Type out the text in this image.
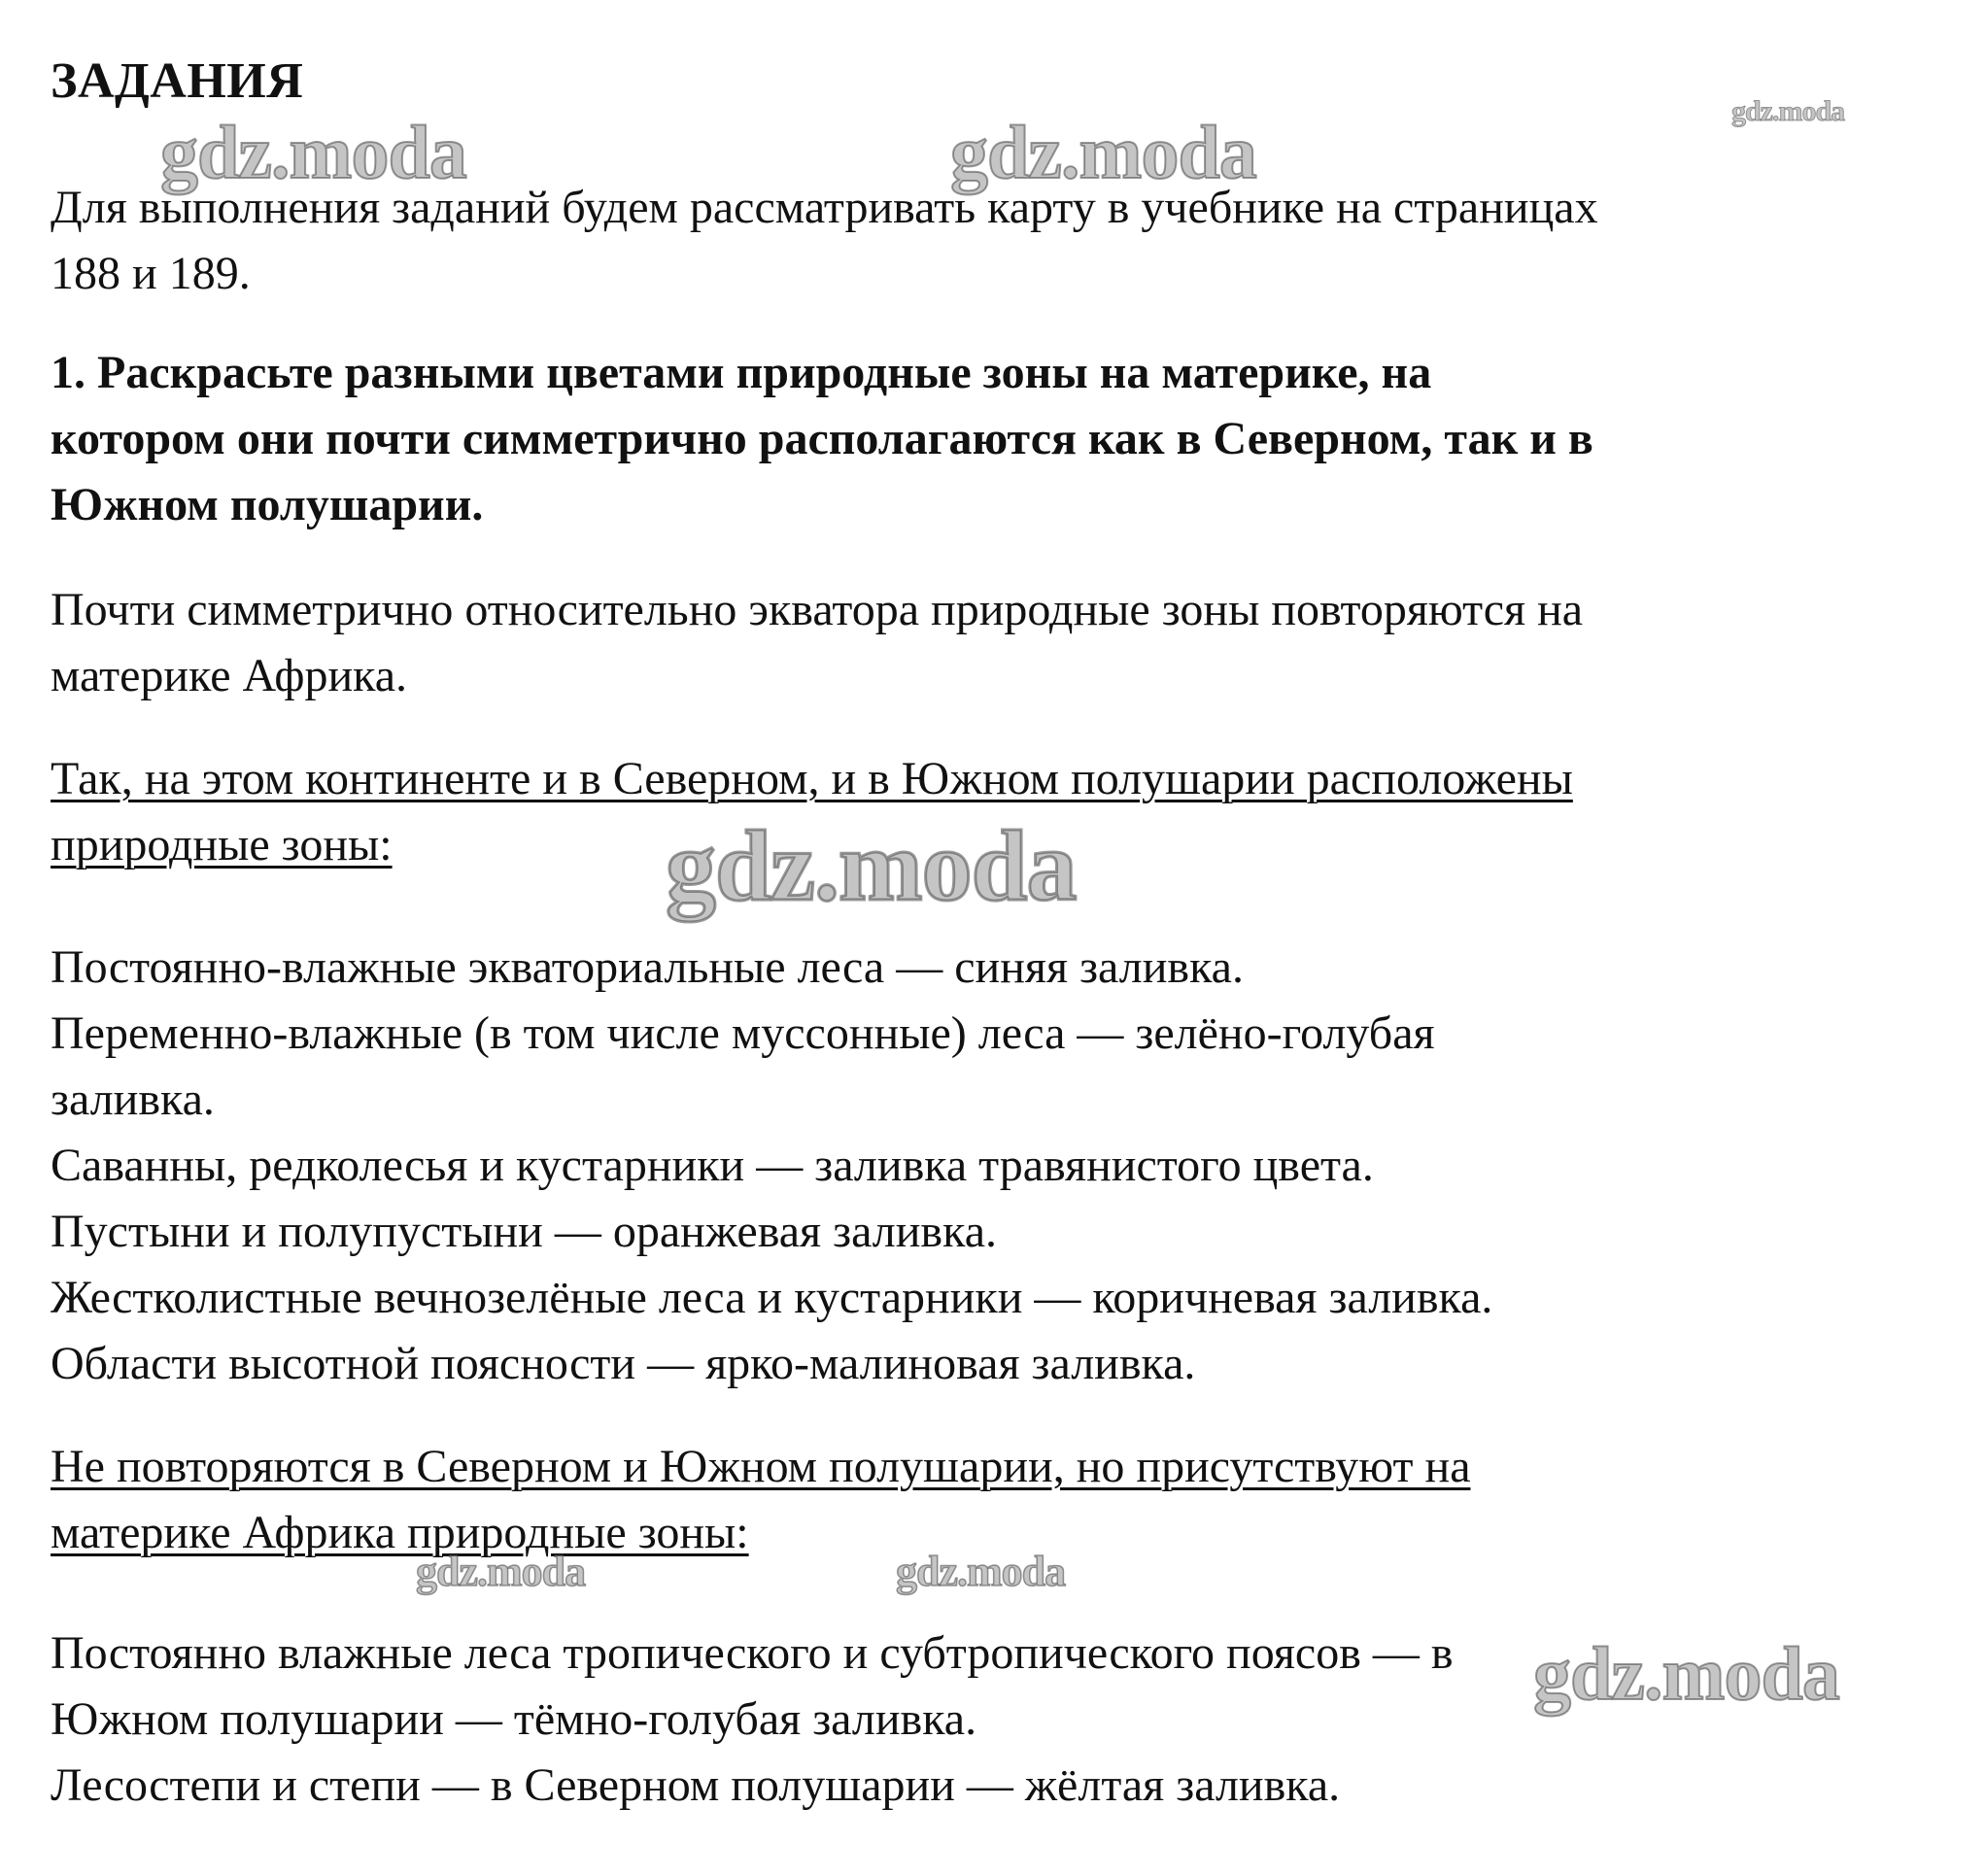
ЗАДАНИЯ

Для выполнения заданий будем рассматривать карту в учебнике на страницах
188 и 189.

1. Раскрасьте разными цветами природные зоны на материке, на
котором они почти симметрично располагаются как в Северном, так и в
Южном полушарии.

Почти симметрично относительно экватора природные зоны повторяются на
материке Африка.

Так, на этом континенте и в Северном, и в Южном полушарии расположены
природные зоны:

Постоянно-влажные экваториальные леса — синяя заливка.
Переменно-влажные (в том числе муссонные) леса — зелёно-голубая
заливка.
Саванны, редколесья и кустарники — заливка травянистого цвета.
Пустыни и полупустыни — оранжевая заливка.
Жестколистные вечнозелёные леса и кустарники — коричневая заливка.
Области высотной поясности — ярко-малиновая заливка.

Не повторяются в Северном и Южном полушарии, но присутствуют на
материке Африка природные зоны:

Постоянно влажные леса тропического и субтропического поясов — в
Южном полушарии — тёмно-голубая заливка.
Лесостепи и степи — в Северном полушарии — жёлтая заливка.

gdz.moda	gdz.moda	gdz.moda
gdz.moda
gdz.moda	gdz.moda
gdz.moda
